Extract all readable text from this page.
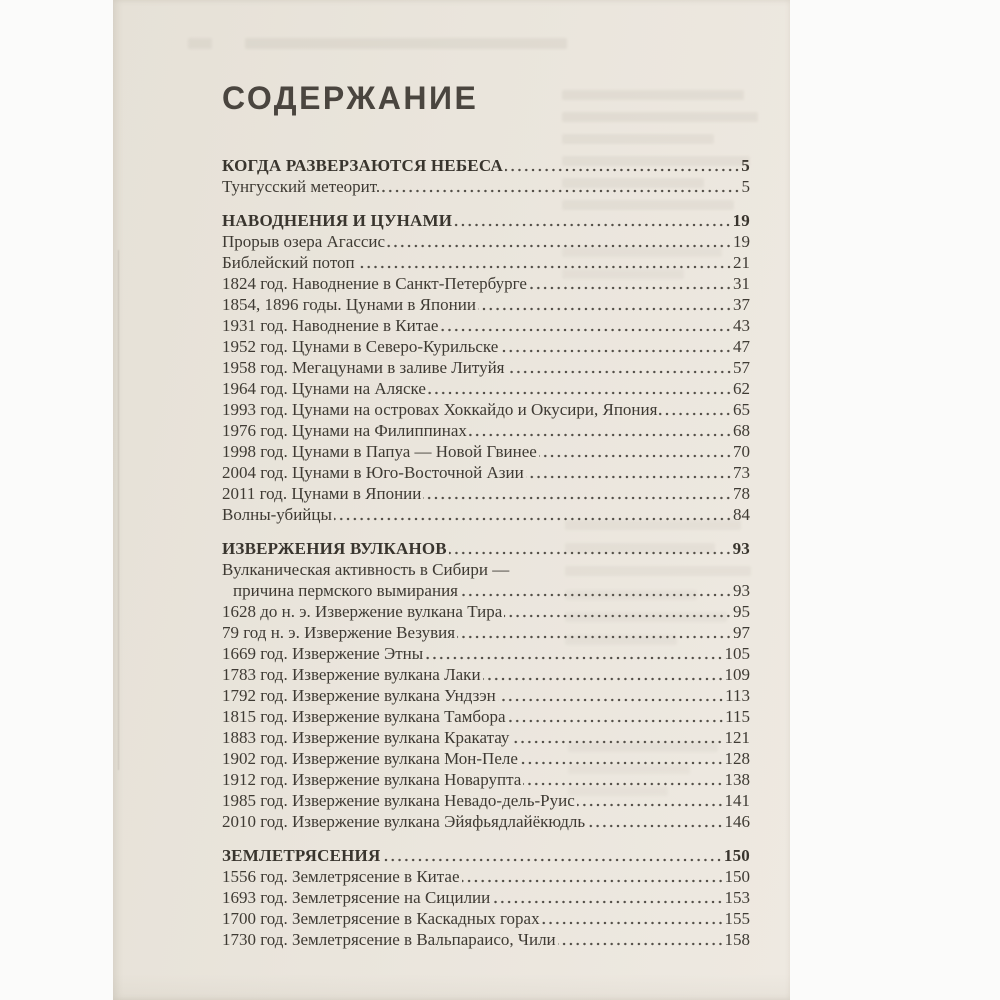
СОДЕРЖАНИЕ
КОГДА РАЗВЕРЗАЮТСЯ НЕБЕСА	5
Тунгусский метеорит.	5
НАВОДНЕНИЯ И ЦУНАМИ	19
Прорыв озера Агассис	19
Библейский потоп	21
1824 год. Наводнение в Санкт-Петербурге	31
1854, 1896 годы. Цунами в Японии	37
1931 год. Наводнение в Китае	43
1952 год. Цунами в Северо-Курильске	47
1958 год. Мегацунами в заливе Литуйя	57
1964 год. Цунами на Аляске	62
1993 год. Цунами на островах Хоккайдо и Окусири, Япония	65
1976 год. Цунами на Филиппинах	68
1998 год. Цунами в Папуа — Новой Гвинее	70
2004 год. Цунами в Юго-Восточной Азии	73
2011 год. Цунами в Японии	78
Волны-убийцы	84
ИЗВЕРЖЕНИЯ ВУЛКАНОВ	93
Вулканическая активность в Сибири —
причина пермского вымирания	93
1628 до н. э. Извержение вулкана Тира	95
79 год н. э. Извержение Везувия	97
1669 год. Извержение Этны	105
1783 год. Извержение вулкана Лаки	109
1792 год. Извержение вулкана Ундзэн	113
1815 год. Извержение вулкана Тамбора	115
1883 год. Извержение вулкана Кракатау	121
1902 год. Извержение вулкана Мон-Пеле	128
1912 год. Извержение вулкана Новарупта	138
1985 год. Извержение вулкана Невадо-дель-Руис	141
2010 год. Извержение вулкана Эйяфьядлайёкюдль	146
ЗЕМЛЕТРЯСЕНИЯ	150
1556 год. Землетрясение в Китае	150
1693 год. Землетрясение на Сицилии	153
1700 год. Землетрясение в Каскадных горах	155
1730 год. Землетрясение в Вальпараисо, Чили	158
